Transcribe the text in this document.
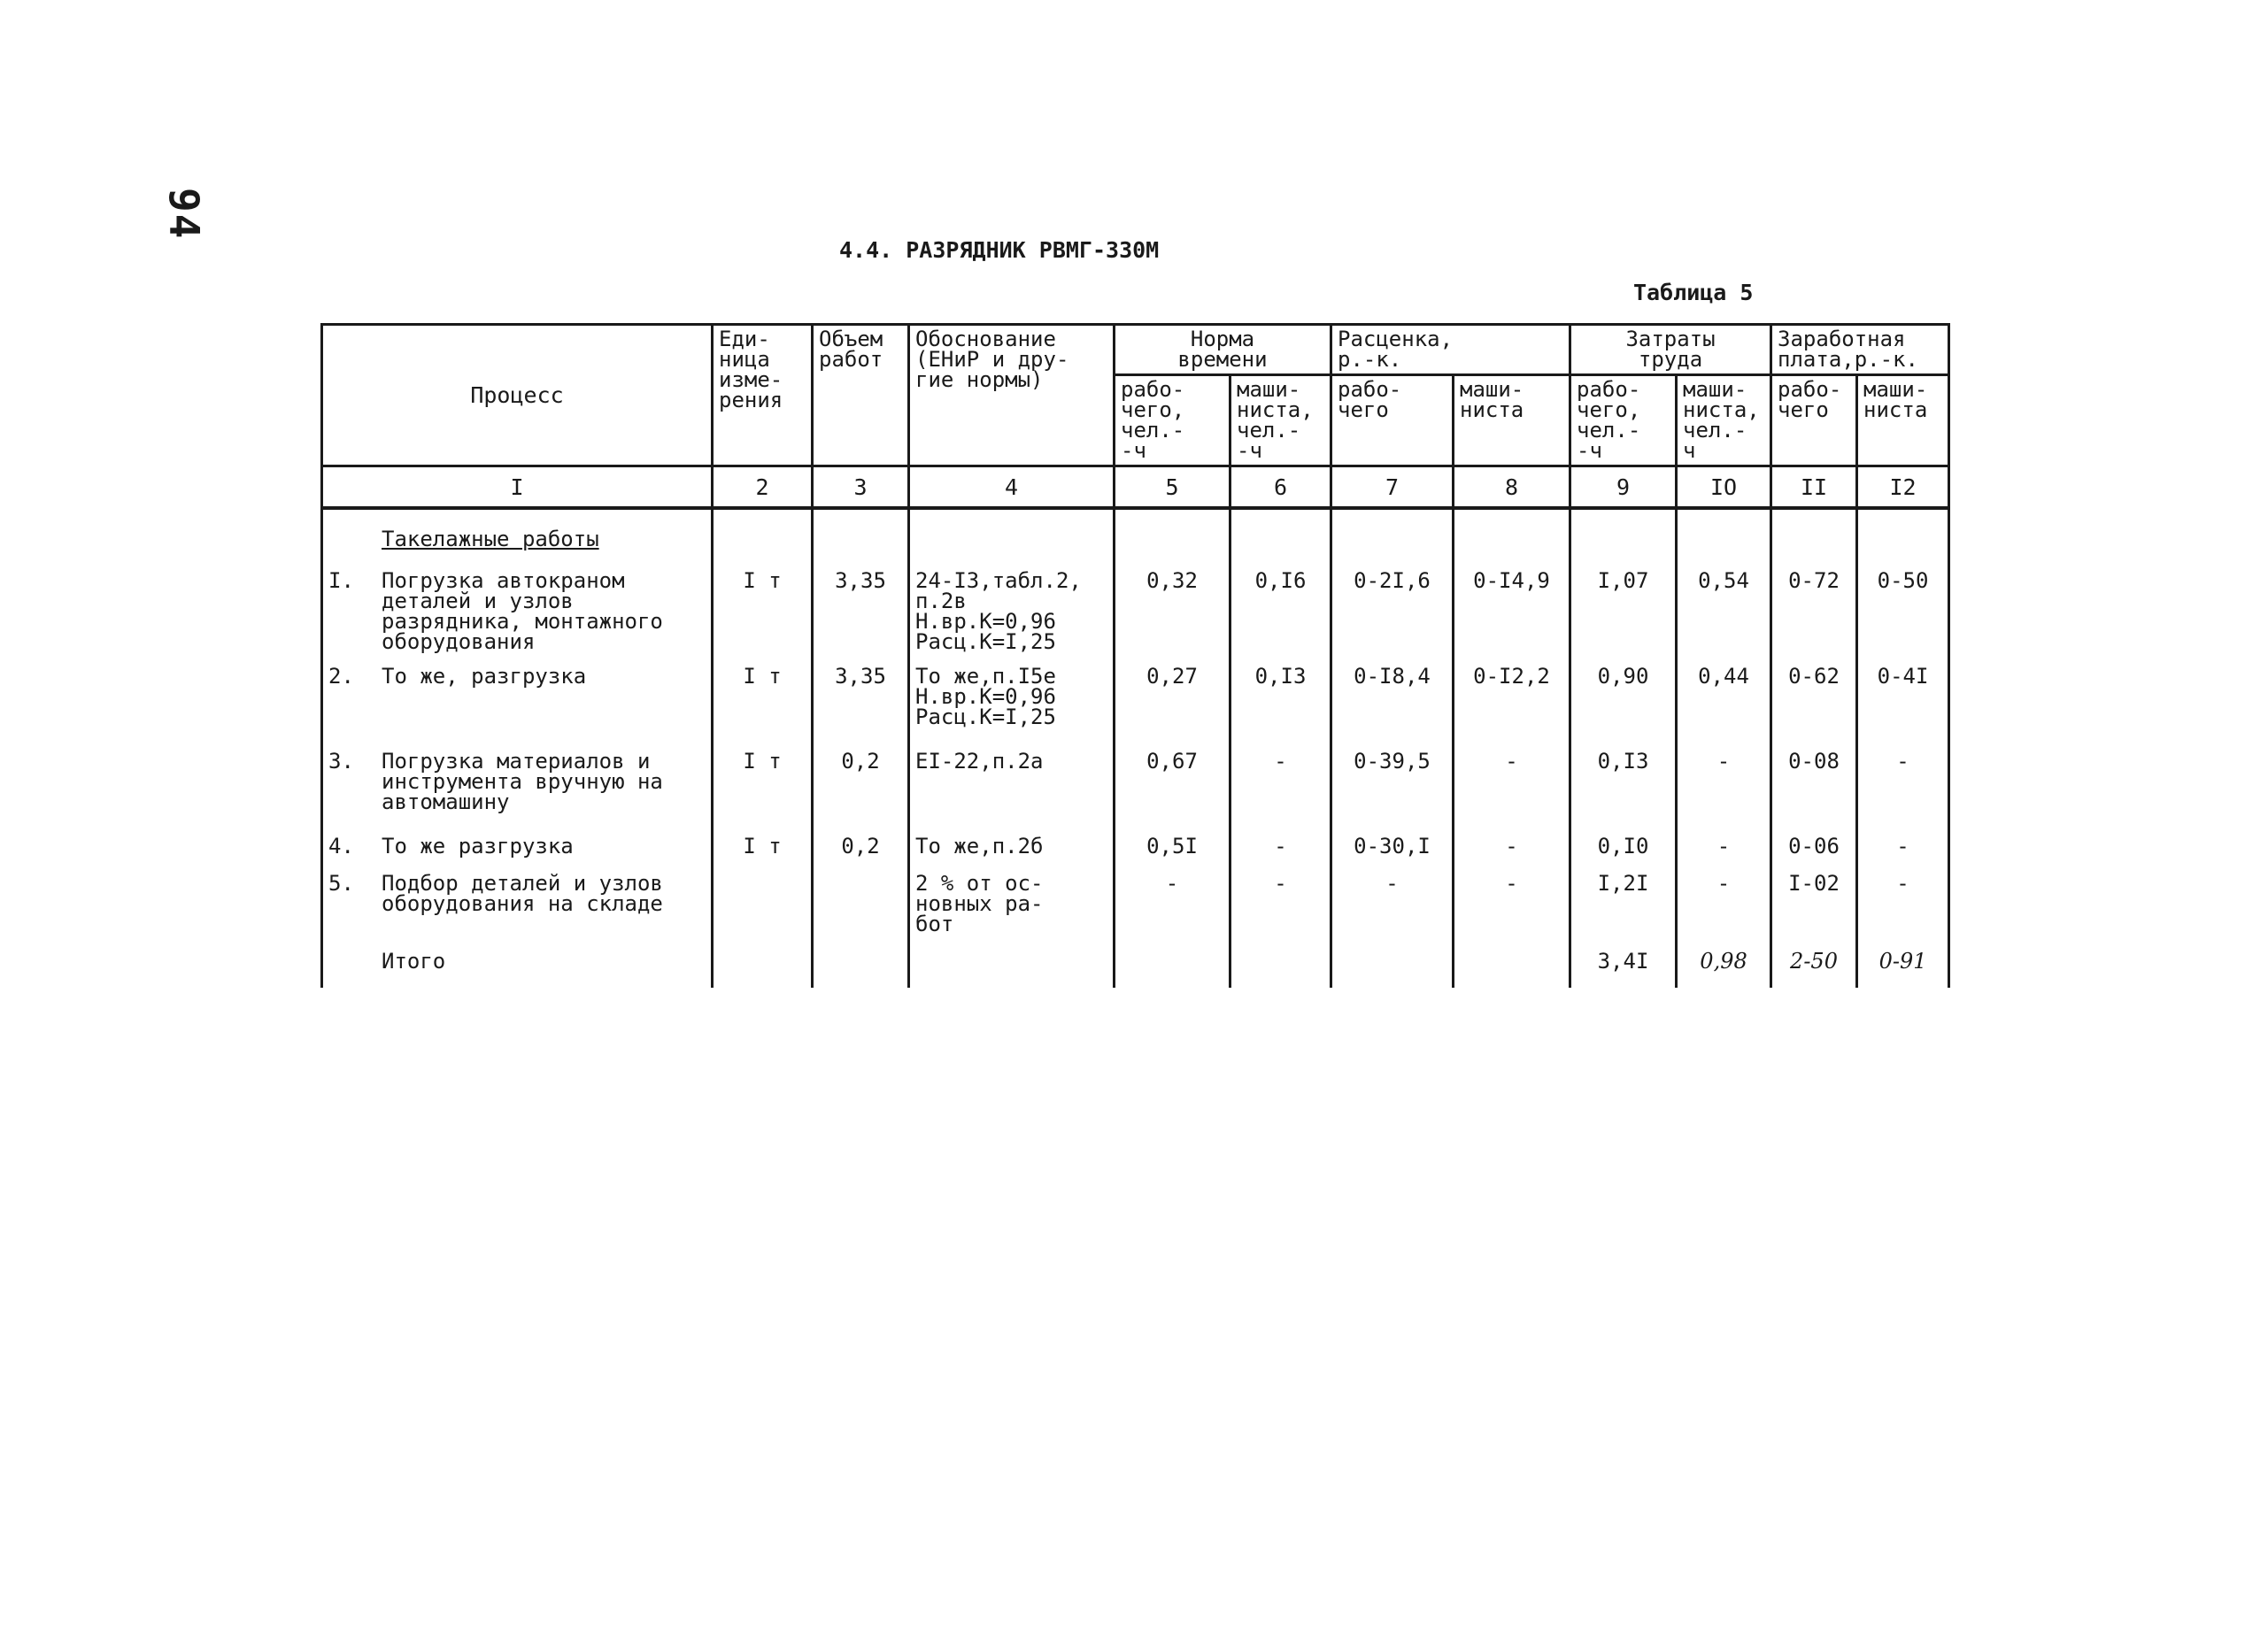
94
4.4. РАЗРЯДНИК РВМГ-330М
Таблица 5
Процесс	Еди-
ница
изме-
рения	Объем
работ	Обоснование
(ЕНиР и дру-
гие нормы)	Норма
времени		Расценка,
р.-к.		Затраты
труда		Заработная
плата,р.-к.	
				рабо-
чего,
чел.-
-ч	маши-
ниста,
чел.-
-ч	рабо-
чего	маши-
ниста	рабо-
чего,
чел.-
-ч	маши-
ниста,
чел.-
ч	рабо-
чего	маши-
ниста
I	2	3	4	5	6	7	8	9	IO	II	I2
Такелажные работы											

I. Погрузка автокраном деталей и узлов разрядника, монтажного оборудования	I т	3,35	24-I3,табл.2,
п.2в
Н.вр.К=0,96
Расц.К=I,25	0,32	0,I6	0-2I,6	0-I4,9	I,07	0,54	0-72	0-50

2. То же, разгрузка	I т	3,35	То же,п.I5е
Н.вр.К=0,96
Расц.К=I,25	0,27	0,I3	0-I8,4	0-I2,2	0,90	0,44	0-62	0-4I

3. Погрузка материалов и инструмента вручную на автомашину	I т	0,2	ЕI-22,п.2а	0,67	-	0-39,5	-	0,I3	-	0-08	-

4. То же разгрузка	I т	0,2	То же,п.2б	0,5I	-	0-30,I	-	0,I0	-	0-06	-

5. Подбор деталей и узлов оборудования на складе			2 % от ос-
новных ра-
бот	-	-	-	-	I,2I	-	I-02	-
Итого								3,4I	0,98	2-50	0-91
